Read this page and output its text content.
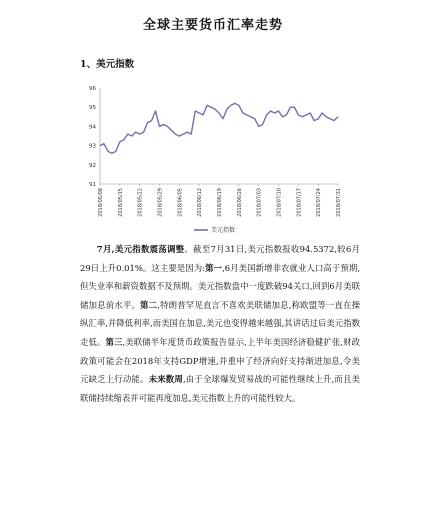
全球主要货币汇率走势
1、美元指数
91
92
93
94
95
96
2018/05/08	2018/05/15	2018/05/22	2018/05/29	2018/06/05	2018/06/12	2018/06/19	2018/06/26	2018/07/03	2018/07/10	2018/07/17	2018/07/24	2018/07/31
美元指数
7月,美元指数震荡调整。截至7月31日,美元指数报收94.5372,较6月29日上升0.01%。这主要是因为:第一,6月美国新增非农就业人口高于预期,但失业率和薪资数据不及预期。美元指数盘中一度跌破94关口,回到6月美联储加息前水平。第二,特朗普罕见直言不喜欢美联储加息,称欧盟等一直在操纵汇率,并降低利率,而美国在加息,美元也变得越来越强,其讲话过后美元指数走低。第三,美联储半年度货币政策报告显示,上半年美国经济稳健扩张,财政政策可能会在2018年支持GDP增速,并重申了经济向好支持渐进加息,令美元缺乏上行动能。未来数周,由于全球爆发贸易战的可能性继续上升,而且美联储持续缩表并可能再度加息,美元指数上升的可能性较大。
